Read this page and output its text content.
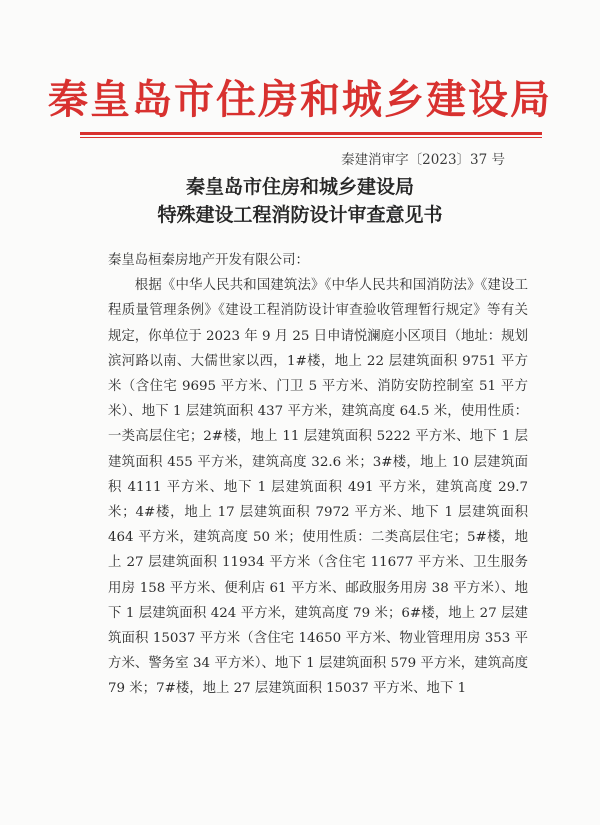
秦皇岛市住房和城乡建设局
秦建消审字〔2023〕37 号
秦皇岛市住房和城乡建设局
特殊建设工程消防设计审查意见书

秦皇岛桓秦房地产开发有限公司：

根据《中华人民共和国建筑法》《中华人民共和国消防法》《建设工程质量管理条例》《建设工程消防设计审查验收管理暂行规定》等有关规定，你单位于 2023 年 9 月 25 日申请悦澜庭小区项目（地址：规划滨河路以南、大儒世家以西，1#楼，地上 22 层建筑面积 9751 平方米（含住宅 9695 平方米、门卫 5 平方米、消防安防控制室 51 平方米）、地下 1 层建筑面积 437 平方米，建筑高度 64.5 米，使用性质：一类高层住宅；2#楼，地上 11 层建筑面积 5222 平方米、地下 1 层建筑面积 455 平方米，建筑高度 32.6 米；3#楼，地上 10 层建筑面积 4111 平方米、地下 1 层建筑面积 491 平方米，建筑高度 29.7 米；4#楼，地上 17 层建筑面积 7972 平方米、地下 1 层建筑面积 464 平方米，建筑高度 50 米；使用性质：二类高层住宅；5#楼，地上 27 层建筑面积 11934 平方米（含住宅 11677 平方米、卫生服务用房 158 平方米、便利店 61 平方米、邮政服务用房 38 平方米）、地下 1 层建筑面积 424 平方米，建筑高度 79 米；6#楼，地上 27 层建筑面积 15037 平方米（含住宅 14650 平方米、物业管理用房 353 平方米、警务室 34 平方米）、地下 1 层建筑面积 579 平方米，建筑高度 79 米；7#楼，地上 27 层建筑面积 15037 平方米、地下 1
